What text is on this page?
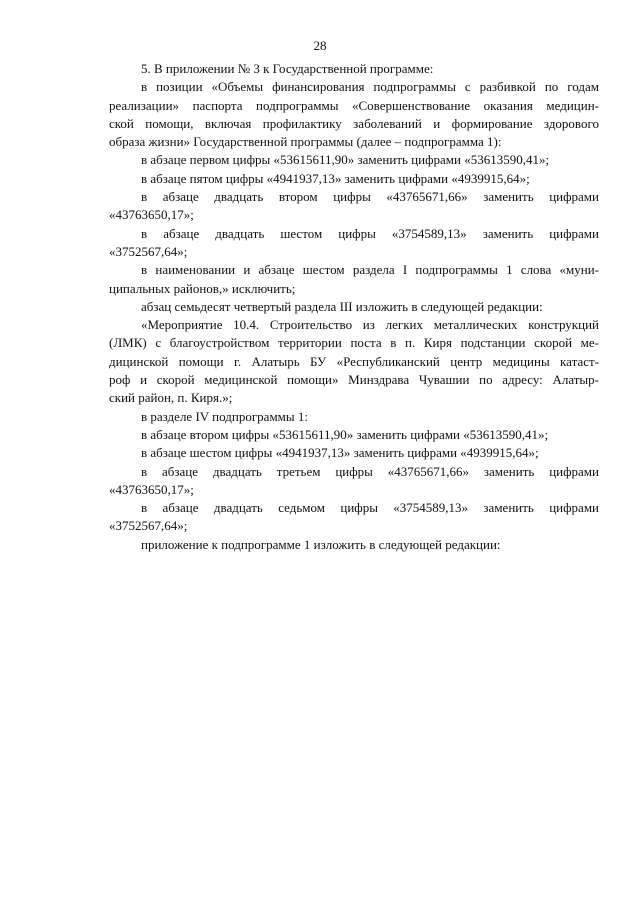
28
5. В приложении № 3 к Государственной программе:
в позиции «Объемы финансирования подпрограммы с разбивкой по годам
реализации» паспорта подпрограммы «Совершенствование оказания медицин-
ской помощи, включая профилактику заболеваний и формирование здорового
образа жизни» Государственной программы (далее – подпрограмма 1):
в абзаце первом цифры «53615611,90» заменить цифрами «53613590,41»;
в абзаце пятом цифры «4941937,13» заменить цифрами «4939915,64»;
в абзаце двадцать втором цифры «43765671,66» заменить цифрами
«43763650,17»;
в абзаце двадцать шестом цифры «3754589,13» заменить цифрами
«3752567,64»;
в наименовании и абзаце шестом раздела I подпрограммы 1 слова «муни-
ципальных районов,» исключить;
абзац семьдесят четвертый раздела III изложить в следующей редакции:
«Мероприятие 10.4. Строительство из легких металлических конструкций
(ЛМК) с благоустройством территории поста в п. Киря подстанции скорой ме-
дицинской помощи г. Алатырь БУ «Республиканский центр медицины катаст-
роф и скорой медицинской помощи» Минздрава Чувашии по адресу: Алатыр-
ский район, п. Киря.»;
в разделе IV подпрограммы 1:
в абзаце втором цифры «53615611,90» заменить цифрами «53613590,41»;
в абзаце шестом цифры «4941937,13» заменить цифрами «4939915,64»;
в абзаце двадцать третьем цифры «43765671,66» заменить цифрами
«43763650,17»;
в абзаце двадцать седьмом цифры «3754589,13» заменить цифрами
«3752567,64»;
приложение к подпрограмме 1 изложить в следующей редакции:
